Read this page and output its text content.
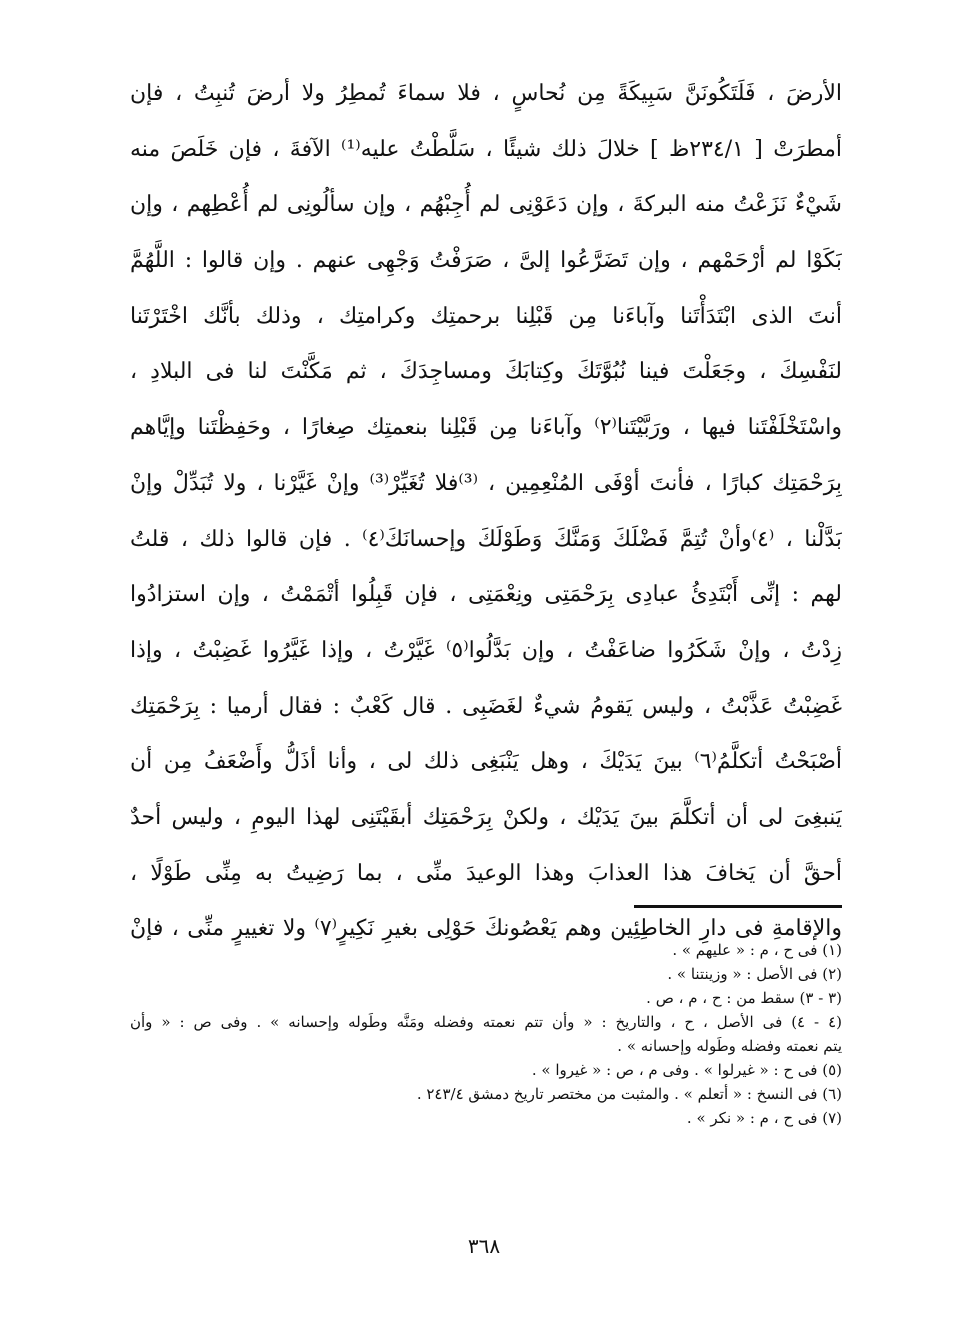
الأرضَ ، فَلَتَكُونَنَّ سَبِيكَةً مِن نُحاسٍ ، فلا سماءَ تُمطِرُ ولا أرضَ تُنبِتُ ، فإن
أمطرَتْ [ ٢٣٤/١ظ ] خلالَ ذلك شيئًا ، سَلَّطْتُ عليه⁽¹⁾ الآفةَ ، فإن خَلَصَ منه
شَيْءٌ نَزَعْتُ منه البركةَ ، وإن دَعَوْنِى لم أُجِبْهُم ، وإن سألُونِى لم أُعْطِهم ، وإن
بَكَوْا لم أرْحَمْهم ، وإن تَضَرَّعُوا إلىَّ ، صَرَفْتُ وَجْهِى عنهم . وإن قالوا : اللَّهُمَّ
أنتَ الذى ابْتَدَأْتَنا وآباءَنا مِن قَبْلِنا برحمتِك وكرامتِك ، وذلك بأنَّك اخْتَرْتَنا
لنَفْسِكَ ، وجَعَلْتَ فينا نُبُوَّتَكَ وكِتابَكَ ومساجِدَكَ ، ثم مَكَّنْتَ لنا فى البلادِ ،
واسْتَخْلَفْتَنا فيها ، ورَبَّيْتَنا⁽٢⁾ وآباءَنا مِن قَبْلِنا بنعمتِك صِغارًا ، وحَفِظْتَنا وإيَّاهم
بِرَحْمَتِك كبارًا ، فأنتَ أوْفَى المُنْعِمِين ، ⁽³⁾فلا تُغَيِّرْ⁽³⁾ وإنْ غَيَّرْنا ، ولا تُبَدِّلْ وإنْ
بَدَّلْنا ، ⁽٤⁾وأنْ تُتِمَّ فَضْلَكَ وَمَنَّكَ وَطَوْلَكَ وإحسانَكَ⁽٤⁾ . فإن قالوا ذلك ، قلتُ
لهم : إنِّى أَبْتَدِئُ عبادِى بِرَحْمَتِى ونِعْمَتِى ، فإن قَبِلُوا أتْمَمْتُ ، وإن استزادُوا
زِدْتُ ، وإنْ شَكَرُوا ضاعَفْتُ ، وإن بَدَّلُوا⁽٥⁾ غَيَّرْتُ ، وإذا غَيَّرُوا غَضِبْتُ ، وإذا
غَضِبْتُ عَذَّبْتُ ، وليس يَقومُ شيءٌ لغَضَبِى . قال كَعْبٌ : فقال أرميا : بِرَحْمَتِك
أصْبَحْتُ أتكلَّمُ⁽٦⁾ بينَ يَدَيْكَ ، وهل يَنْبَغِى ذلك لى ، وأنا أذَلُّ وأَضْعَفُ مِن أن
يَنبغِىَ لى أن أتكلَّمَ بينَ يَدَيْك ، ولكنْ بِرَحْمَتِك أبقَيْتَنِى لهذا اليومِ ، وليس أحدٌ
أحقَّ أن يَخافَ هذا العذابَ وهذا الوعيدَ منِّى ، بما رَضِيتُ به مِنِّى طَوْلًا ،
والإقامةِ فى دارِ الخاطِئِين وهم يَعْصُونكَ حَوْلِى بغيرِ نَكِيرٍ⁽٧⁾ ولا تغييرٍ منِّى ، فإنْ
(١) فى ح ، م : « عليهم » .
(٢) فى الأصل : « وزينتنا » .
(٣ - ٣) سقط من : ح ، م ، ص .
(٤ - ٤) فى الأصل ، ح ، والتاريخ : « وأن تتم نعمته وفضله ومَنَّه وطَوله وإحسانه » . وفى ص : « وأن
يتم نعمته وفضله وطَوله وإحسانه » .
(٥) فى ح : « غيرلوا » . وفى م ، ص : « غيروا » .
(٦) فى النسخ : « أتعلم » . والمثبت من مختصر تاريخ دمشق ٢٤٣/٤ .
(٧) فى ح ، م : « نكر » .
٣٦٨
